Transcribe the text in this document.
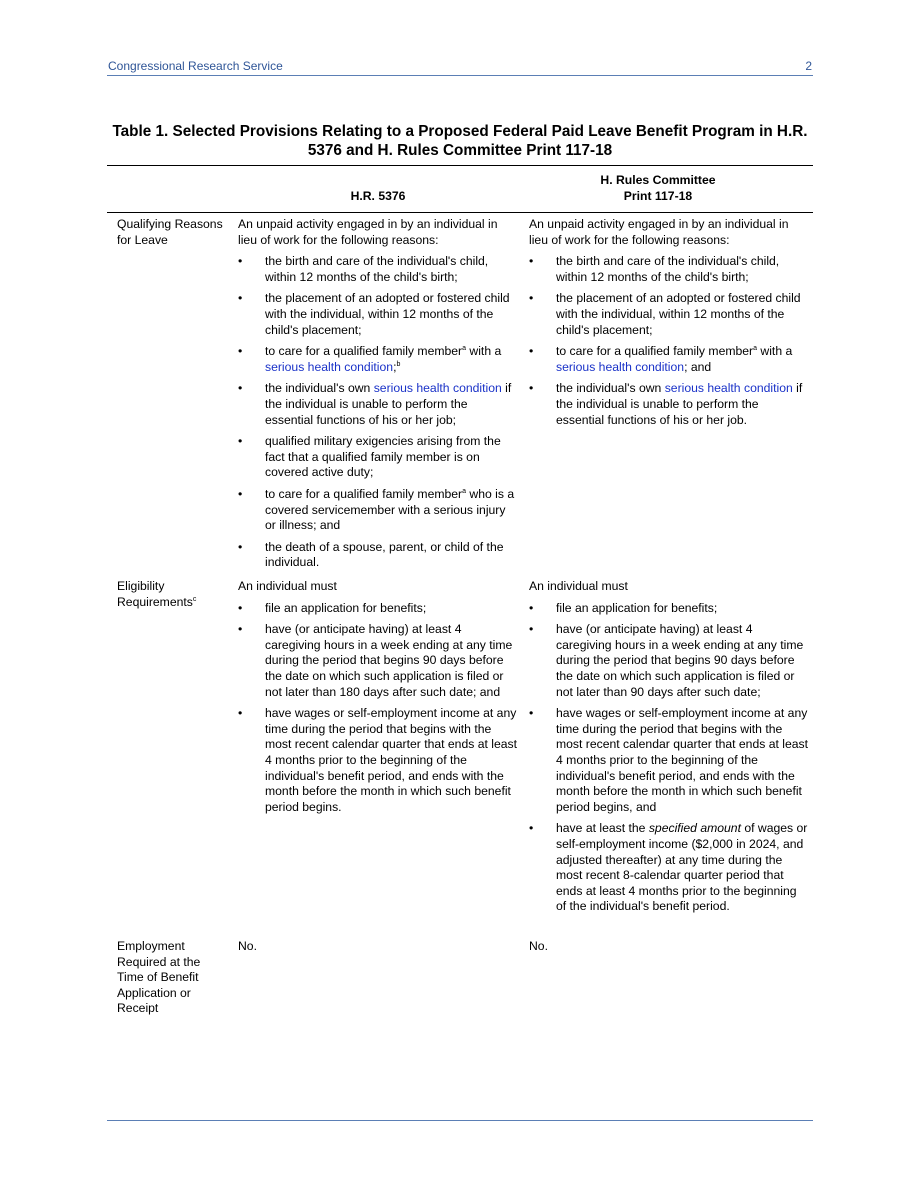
Congressional Research Service	2
Table 1. Selected Provisions Relating to a Proposed Federal Paid Leave Benefit Program in H.R. 5376 and H. Rules Committee Print 117-18
H.R. 5376
H. Rules Committee
Print 117-18
Qualifying Reasons for Leave

An unpaid activity engaged in by an individual in lieu of work for the following reasons:

• the birth and care of the individual's child, within 12 months of the child's birth;
• the placement of an adopted or fostered child with the individual, within 12 months of the child's placement;
• to care for a qualified family member$^a$ with a serious health condition;$^b$
• the individual's own serious health condition if the individual is unable to perform the essential functions of his or her job;
• qualified military exigencies arising from the fact that a qualified family member is on covered active duty;
• to care for a qualified family member$^a$ who is a covered servicemember with a serious injury or illness; and
• the death of a spouse, parent, or child of the individual.

An unpaid activity engaged in by an individual in lieu of work for the following reasons:

• the birth and care of the individual's child, within 12 months of the child's birth;
• the placement of an adopted or fostered child with the individual, within 12 months of the child's placement;
• to care for a qualified family member$^a$ with a serious health condition; and
• the individual's own serious health condition if the individual is unable to perform the essential functions of his or her job.
Eligibility Requirements$^c$

An individual must

• file an application for benefits;
• have (or anticipate having) at least 4 caregiving hours in a week ending at any time during the period that begins 90 days before the date on which such application is filed or not later than 180 days after such date; and
• have wages or self-employment income at any time during the period that begins with the most recent calendar quarter that ends at least 4 months prior to the beginning of the individual's benefit period, and ends with the month before the month in which such benefit period begins.

An individual must

• file an application for benefits;
• have (or anticipate having) at least 4 caregiving hours in a week ending at any time during the period that begins 90 days before the date on which such application is filed or not later than 90 days after such date;
• have wages or self-employment income at any time during the period that begins with the most recent calendar quarter that ends at least 4 months prior to the beginning of the individual's benefit period, and ends with the month before the month in which such benefit period begins, and
• have at least the specified amount of wages or self-employment income ($2,000 in 2024, and adjusted thereafter) at any time during the most recent 8-calendar quarter period that ends at least 4 months prior to the beginning of the individual's benefit period.
Employment Required at the Time of Benefit Application or Receipt
No.	No.
